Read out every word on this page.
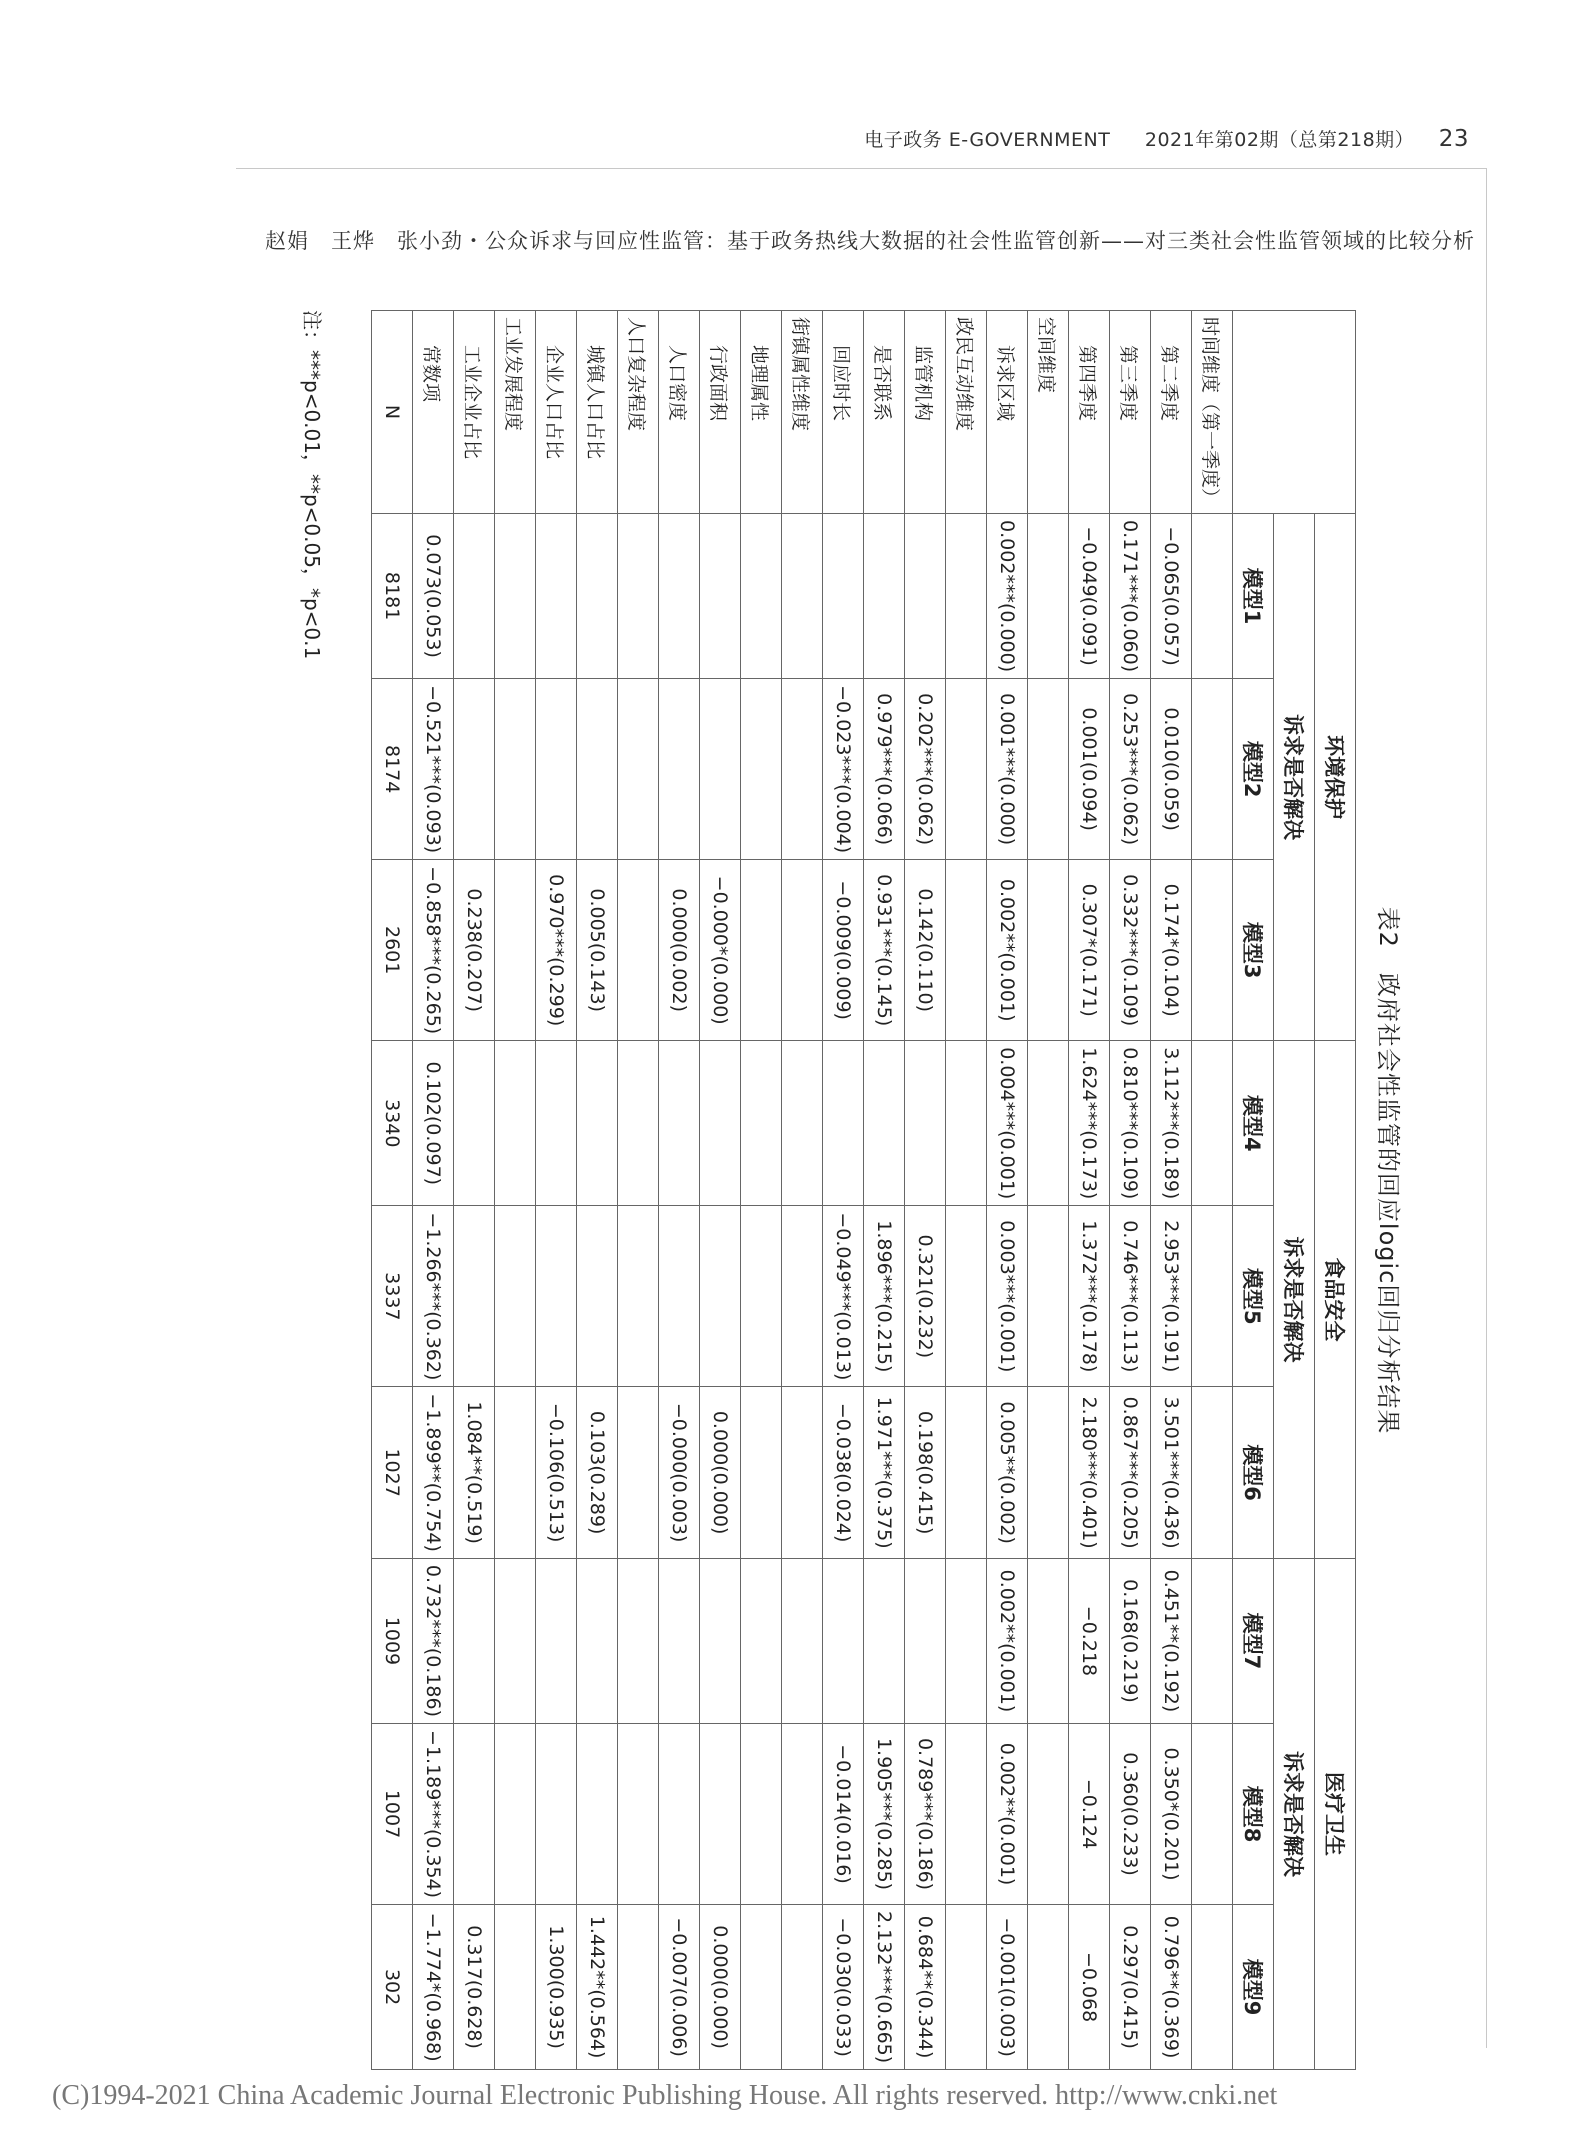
电子政务 E-GOVERNMENT 2021年第02期（总第218期） 23
赵娟　王烨　张小劲・公众诉求与回应性监管：基于政务热线大数据的社会性监管创新——对三类社会性监管领域的比较分析
表2　政府社会性监管的回应logic回归分析结果
	环境保护			食品安全			医疗卫生		
	诉求是否解决			诉求是否解决			诉求是否解决		
	模型1	模型2	模型3	模型4	模型5	模型6	模型7	模型8	模型9
时间维度（第一季度）									
第二季度	−0.065(0.057)	0.010(0.059)	0.174*(0.104)	3.112***(0.189)	2.953***(0.191)	3.501***(0.436)	0.451**(0.192)	0.350*(0.201)	0.796**(0.369)
第三季度	0.171***(0.060)	0.253***(0.062)	0.332***(0.109)	0.810***(0.109)	0.746***(0.113)	0.867***(0.205)	0.168(0.219)	0.360(0.233)	0.297(0.415)
第四季度	−0.049(0.091)	0.001(0.094)	0.307*(0.171)	1.624***(0.173)	1.372***(0.178)	2.180***(0.401)	−0.218	−0.124	−0.068
空间维度									
诉求区域	0.002***(0.000)	0.001***(0.000)	0.002**(0.001)	0.004***(0.001)	0.003***(0.001)	0.005**(0.002)	0.002**(0.001)	0.002**(0.001)	−0.001(0.003)
政民互动维度									
监管机构		0.202***(0.062)	0.142(0.110)		0.321(0.232)	0.198(0.415)		0.789***(0.186)	0.684**(0.344)
是否联系		0.979***(0.066)	0.931***(0.145)		1.896***(0.215)	1.971***(0.375)		1.905***(0.285)	2.132***(0.665)
回应时长		−0.023***(0.004)	−0.009(0.009)		−0.049***(0.013)	−0.038(0.024)		−0.014(0.016)	−0.030(0.033)
街镇属性维度									
地理属性									
行政面积			−0.000*(0.000)			0.000(0.000)			0.000(0.000)
人口密度			0.000(0.002)			−0.000(0.003)			−0.007(0.006)
人口复杂程度									
城镇人口占比			0.005(0.143)			0.103(0.289)			1.442**(0.564)
企业人口占比			0.970***(0.299)			−0.106(0.513)			1.300(0.935)
工业发展程度									
工业企业占比			0.238(0.207)			1.084**(0.519)			0.317(0.628)
常数项	0.073(0.053)	−0.521***(0.093)	−0.858***(0.265)	0.102(0.097)	−1.266***(0.362)	−1.899**(0.754)	0.732***(0.186)	−1.189***(0.354)	−1.774*(0.968)
N	8181	8174	2601	3340	3337	1027	1009	1007	302
注：***p<0.01，**p<0.05，*p<0.1
(C)1994-2021 China Academic Journal Electronic Publishing House. All rights reserved. http://www.cnki.net
